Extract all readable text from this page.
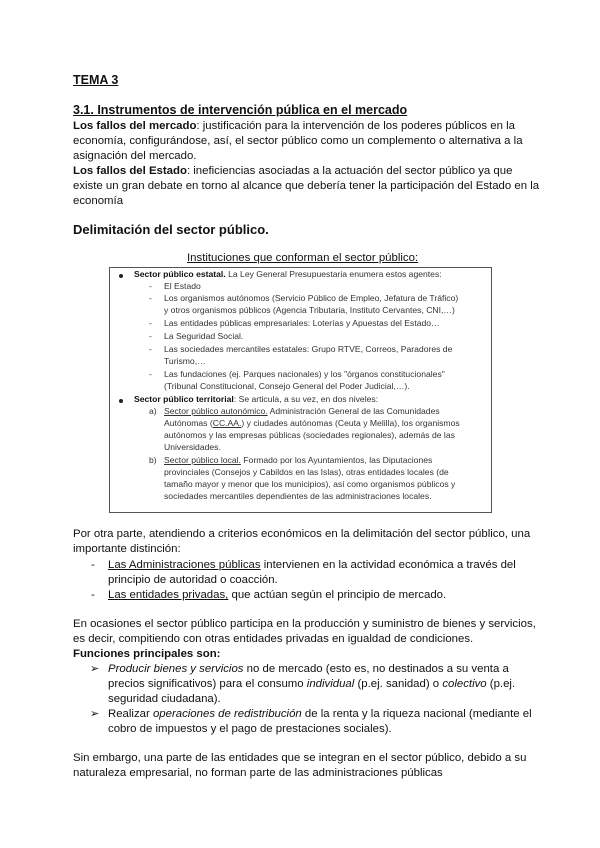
TEMA 3
3.1. Instrumentos de intervención pública en el mercado
Los fallos del mercado: justificación para la intervención de los poderes públicos en la
economía, configurándose, así, el sector público como un complemento o alternativa a la
asignación del mercado.
Los fallos del Estado: ineficiencias asociadas a la actuación del sector público ya que
existe un gran debate en torno al alcance que debería tener la participación del Estado en la
economía
Delimitación del sector público.
Instituciones que conforman el sector público:
Sector público estatal. La Ley General Presupuestaria enumera estos agentes:
- El Estado
- Los organismos autónomos (Servicio Público de Empleo, Jefatura de Tráfico)
y otros organismos públicos (Agencia Tributaria, Instituto Cervantes, CNI,…)
- Las entidades públicas empresariales: Loterías y Apuestas del Estado…
- La Seguridad Social.
- Las sociedades mercantiles estatales: Grupo RTVE, Correos, Paradores de
Turismo,…
- Las fundaciones (ej. Parques nacionales) y los "órganos constitucionales"
(Tribunal Constitucional, Consejo General del Poder Judicial,…).
Sector público territorial: Se articula, a su vez, en dos niveles:
a) Sector público autonómico. Administración General de las Comunidades
Autónomas (CC.AA.) y ciudades autónomas (Ceuta y Melilla), los organismos
autónomos y las empresas públicas (sociedades regionales), además de las
Universidades.
b) Sector público local. Formado por los Ayuntamientos, las Diputaciones
provinciales (Consejos y Cabildos en las Islas), otras entidades locales (de
tamaño mayor y menor que los municipios), así como organismos públicos y
sociedades mercantiles dependientes de las administraciones locales.
Por otra parte, atendiendo a criterios económicos en la delimitación del sector público, una
importante distinción:
- Las Administraciones públicas intervienen en la actividad económica a través del
principio de autoridad o coacción.
- Las entidades privadas, que actúan según el principio de mercado.
En ocasiones el sector público participa en la producción y suministro de bienes y servicios,
es decir, compitiendo con otras entidades privadas en igualdad de condiciones.
Funciones principales son:
➢ Producir bienes y servicios no de mercado (esto es, no destinados a su venta a
precios significativos) para el consumo individual (p.ej. sanidad) o colectivo (p.ej.
seguridad ciudadana).
➢ Realizar operaciones de redistribución de la renta y la riqueza nacional (mediante el
cobro de impuestos y el pago de prestaciones sociales).
Sin embargo, una parte de las entidades que se integran en el sector público, debido a su
naturaleza empresarial, no forman parte de las administraciones públicas
